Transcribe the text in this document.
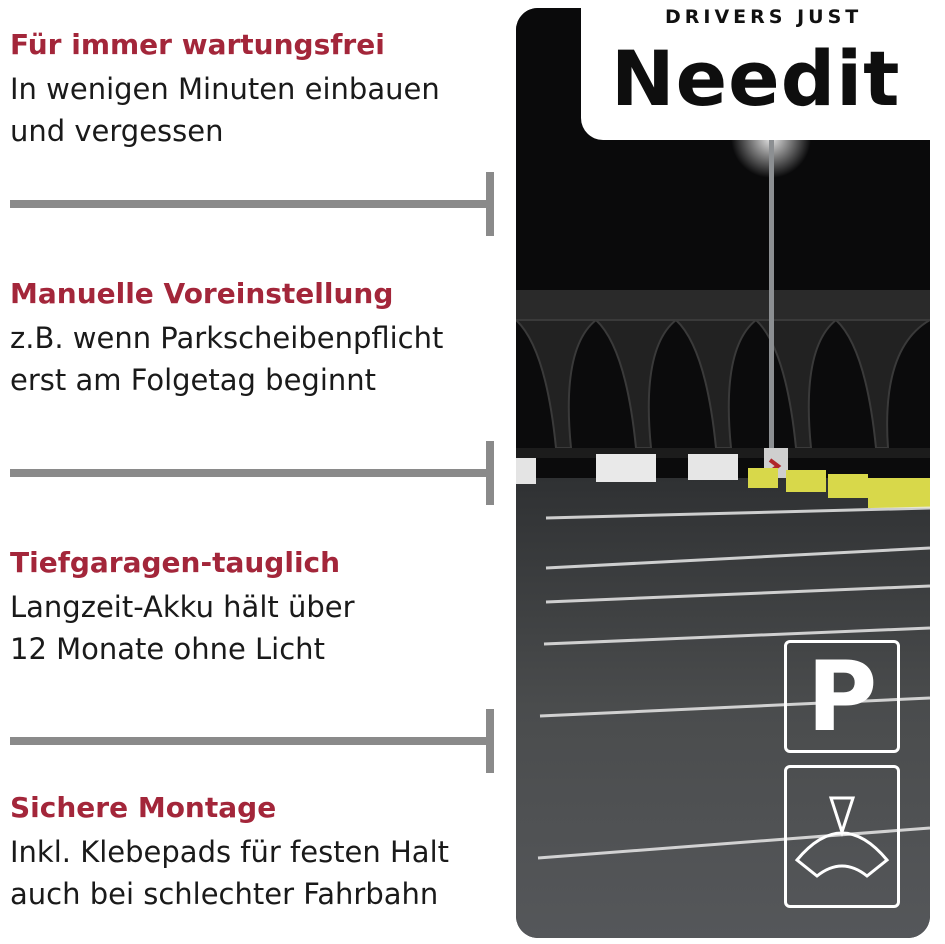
Für immer wartungsfrei

In wenigen Minuten einbauen
und vergessen

Manuelle Voreinstellung

z.B. wenn Parkscheibenpflicht
erst am Folgetag beginnt

Tiefgaragen-tauglich

Langzeit-Akku hält über
12 Monate ohne Licht

Sichere Montage

Inkl. Klebepads für festen Halt
auch bei schlechter Fahrbahn

DRIVERS JUST
Needit
P
